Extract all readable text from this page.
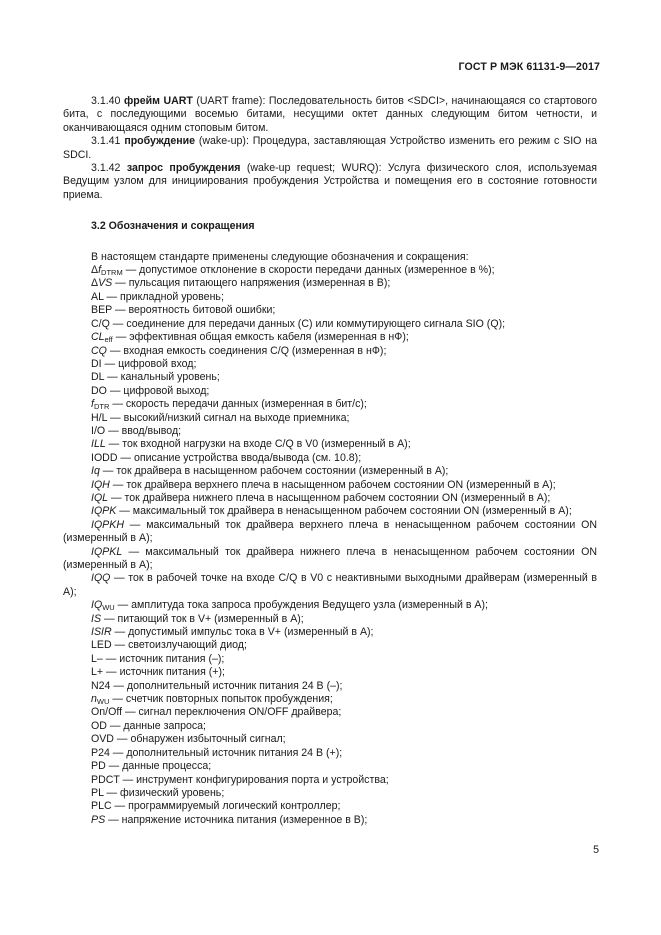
ГОСТ Р МЭК 61131-9—2017

3.1.40 фрейм UART (UART frame): Последовательность битов <SDCI>, начинающаяся со стартового бита, с последующими восемью битами, несущими октет данных следующим битом четности, и оканчивающаяся одним стоповым битом.

3.1.41 пробуждение (wake-up): Процедура, заставляющая Устройство изменить его режим с SIO на SDCI.

3.1.42 запрос пробуждения (wake-up request; WURQ): Услуга физического слоя, используемая Ведущим узлом для инициирования пробуждения Устройства и помещения его в состояние готовности приема.

3.2 Обозначения и сокращения

В настоящем стандарте применены следующие обозначения и сокращения:

$\Delta f_{DTRM}$ — допустимое отклонение в скорости передачи данных (измеренное в %);

ΔVS — пульсация питающего напряжения (измеренная в В);

AL — прикладной уровень;

BEP — вероятность битовой ошибки;

C/Q — соединение для передачи данных (С) или коммутирующего сигнала SIO (Q);

$CL_{eff}$ — эффективная общая емкость кабеля (измеренная в нФ);

CQ — входная емкость соединения C/Q (измеренная в нФ);

DI — цифровой вход;

DL — канальный уровень;

DO — цифровой выход;

$f_{DTR}$ — скорость передачи данных (измеренная в бит/с);

H/L — высокий/низкий сигнал на выходе приемника;

I/O — ввод/вывод;

ILL — ток входной нагрузки на входе C/Q в V0 (измеренный в А);

IODD — описание устройства ввода/вывода (см. 10.8);

Iq — ток драйвера в насыщенном рабочем состоянии (измеренный в А);

IQH — ток драйвера верхнего плеча в насыщенном рабочем состоянии ON (измеренный в А);

IQL — ток драйвера нижнего плеча в насыщенном рабочем состоянии ON (измеренный в А);

IQPK — максимальный ток драйвера в ненасыщенном рабочем состоянии ON (измеренный в А);

IQPKH — максимальный ток драйвера верхнего плеча в ненасыщенном рабочем состоянии ON (измеренный в А);

IQPKL — максимальный ток драйвера нижнего плеча в ненасыщенном рабочем состоянии ON (измеренный в А);

IQQ — ток в рабочей точке на входе C/Q в V0 с неактивными выходными драйверам (измеренный в А);

$IQ_{WU}$ — амплитуда тока запроса пробуждения Ведущего узла (измеренный в А);

IS — питающий ток в V+ (измеренный в А);

ISIR — допустимый импульс тока в V+ (измеренный в А);

LED — светоизлучающий диод;

L– — источник питания (–);

L+ — источник питания (+);

N24 — дополнительный источник питания 24 В (–);

$n_{WU}$ — счетчик повторных попыток пробуждения;

On/Off — сигнал переключения ON/OFF драйвера;

OD — данные запроса;

OVD — обнаружен избыточный сигнал;

P24 — дополнительный источник питания 24 В (+);

PD — данные процесса;

PDCT — инструмент конфигурирования порта и устройства;

PL — физический уровень;

PLC — программируемый логический контроллер;

PS — напряжение источника питания (измеренное в В);

5
